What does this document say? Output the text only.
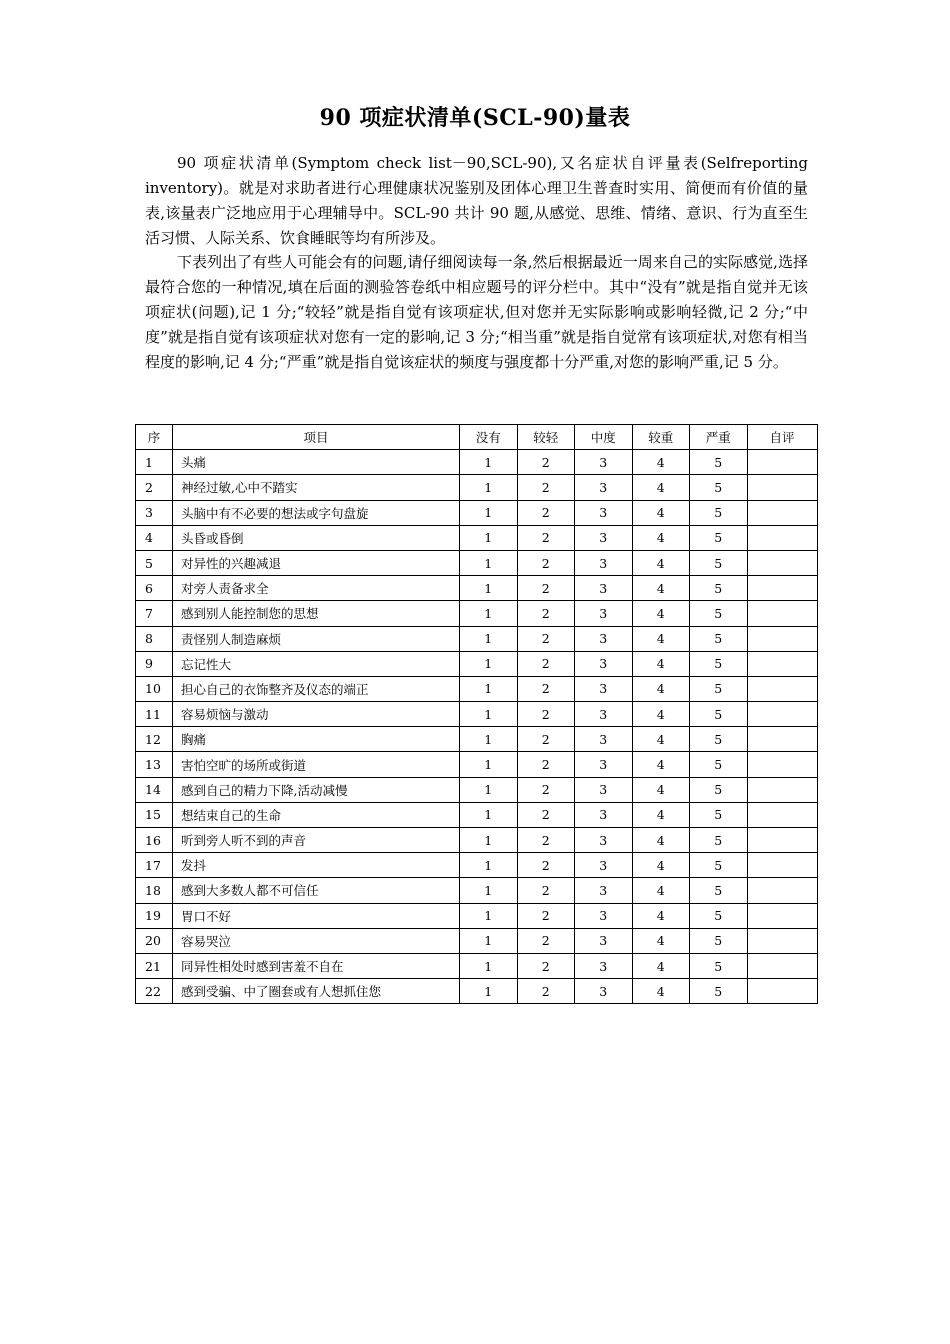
90 项症状清单(SCL-90)量表

90 项症状清单(Symptom check list－90,SCL-90),又名症状自评量表(Selfreporting inventory)。就是对求助者进行心理健康状况鉴别及团体心理卫生普查时实用、简便而有价值的量表,该量表广泛地应用于心理辅导中。SCL-90 共计 90 题,从感觉、思维、情绪、意识、行为直至生活习惯、人际关系、饮食睡眠等均有所涉及。

下表列出了有些人可能会有的问题,请仔细阅读每一条,然后根据最近一周来自己的实际感觉,选择最符合您的一种情况,填在后面的测验答卷纸中相应题号的评分栏中。其中“没有”就是指自觉并无该项症状(问题),记 1 分;“较轻”就是指自觉有该项症状,但对您并无实际影响或影响轻微,记 2 分;“中度”就是指自觉有该项症状对您有一定的影响,记 3 分;“相当重”就是指自觉常有该项症状,对您有相当程度的影响,记 4 分;“严重”就是指自觉该症状的频度与强度都十分严重,对您的影响严重,记 5 分。

序	项目	没有	较轻	中度	较重	严重	自评
1	头痛	1	2	3	4	5	
2	神经过敏,心中不踏实	1	2	3	4	5	
3	头脑中有不必要的想法或字句盘旋	1	2	3	4	5	
4	头昏或昏倒	1	2	3	4	5	
5	对异性的兴趣减退	1	2	3	4	5	
6	对旁人责备求全	1	2	3	4	5	
7	感到别人能控制您的思想	1	2	3	4	5	
8	责怪别人制造麻烦	1	2	3	4	5	
9	忘记性大	1	2	3	4	5	
10	担心自己的衣饰整齐及仪态的端正	1	2	3	4	5	
11	容易烦恼与激动	1	2	3	4	5	
12	胸痛	1	2	3	4	5	
13	害怕空旷的场所或街道	1	2	3	4	5	
14	感到自己的精力下降,活动减慢	1	2	3	4	5	
15	想结束自己的生命	1	2	3	4	5	
16	听到旁人听不到的声音	1	2	3	4	5	
17	发抖	1	2	3	4	5	
18	感到大多数人都不可信任	1	2	3	4	5	
19	胃口不好	1	2	3	4	5	
20	容易哭泣	1	2	3	4	5	
21	同异性相处时感到害羞不自在	1	2	3	4	5	
22	感到受骗、中了圈套或有人想抓住您	1	2	3	4	5	
